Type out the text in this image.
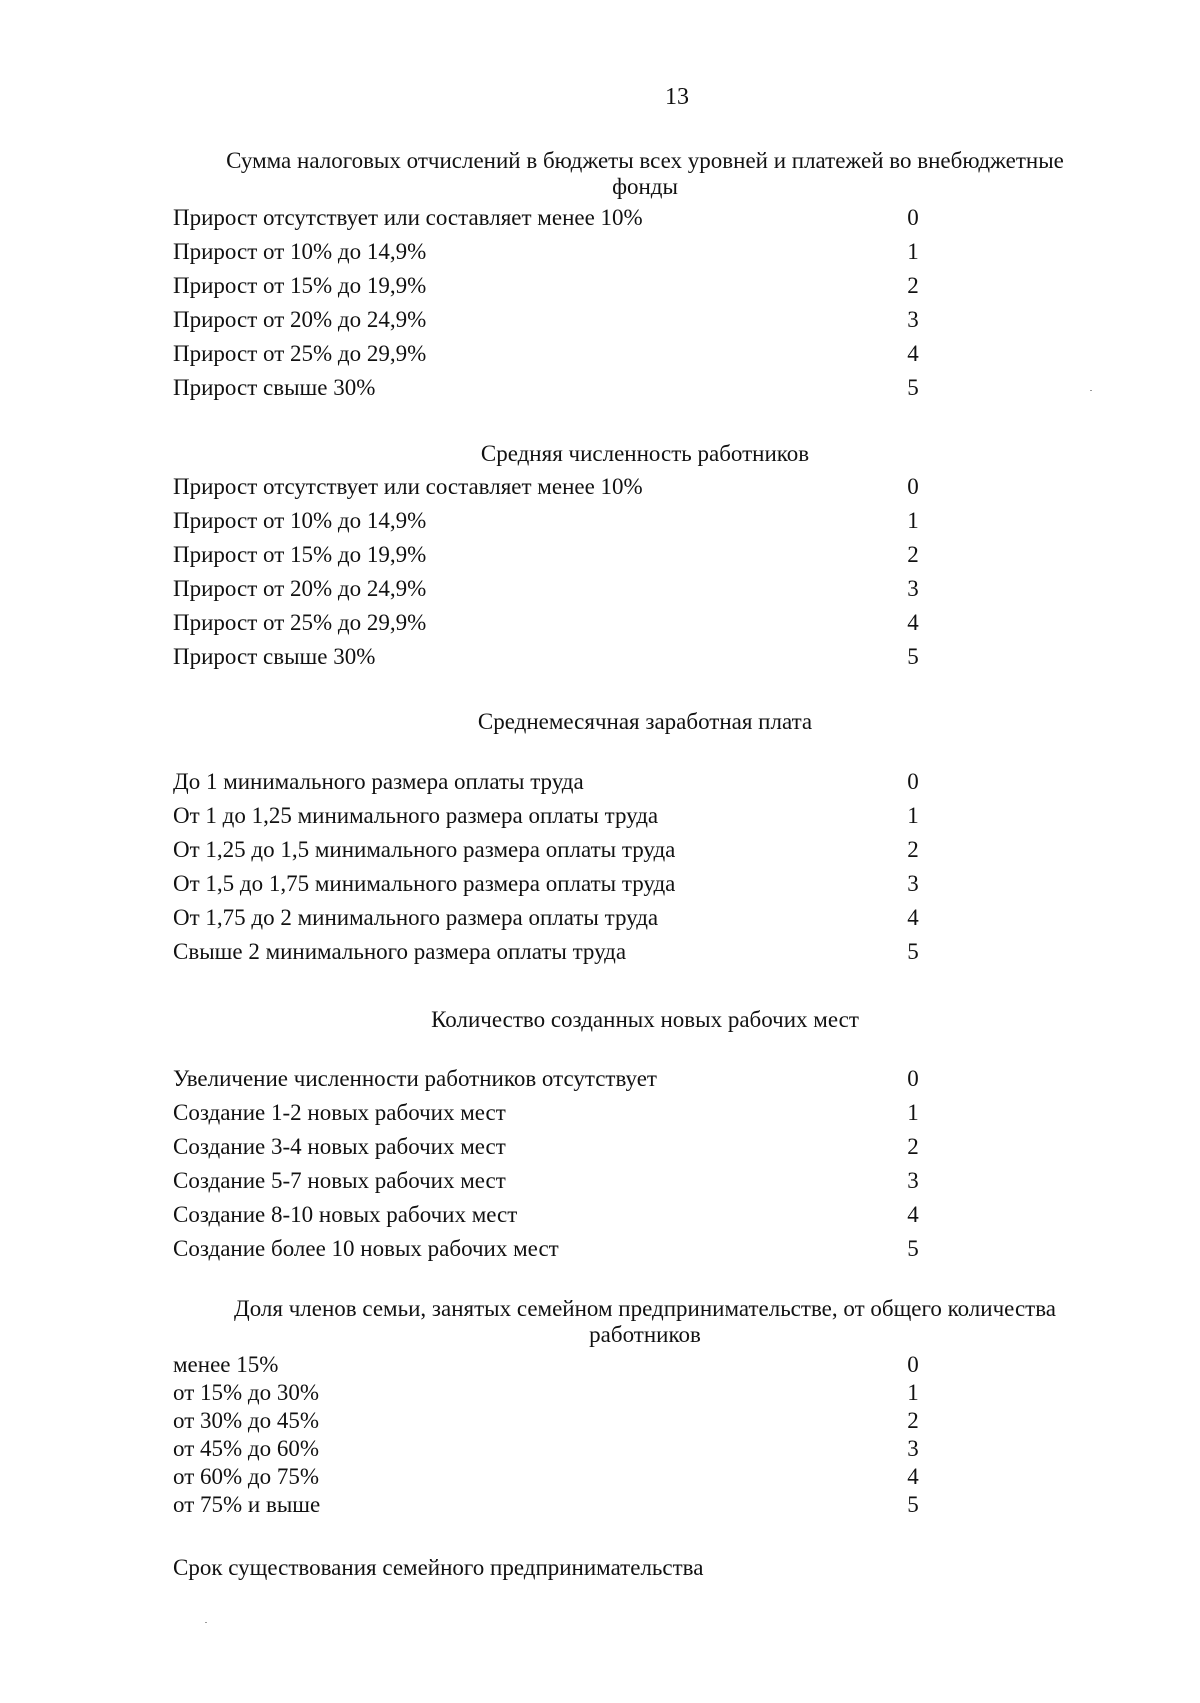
13
Сумма налоговых отчислений в бюджеты всех уровней и платежей во внебюджетные фонды
Прирост отсутствует или составляет менее 10%	0
Прирост от 10% до 14,9%	1
Прирост от 15% до 19,9%	2
Прирост от 20% до 24,9%	3
Прирост от 25% до 29,9%	4
Прирост свыше 30%	5
Средняя численность работников
Прирост отсутствует или составляет менее 10%	0
Прирост от 10% до 14,9%	1
Прирост от 15% до 19,9%	2
Прирост от 20% до 24,9%	3
Прирост от 25% до 29,9%	4
Прирост свыше 30%	5
Среднемесячная заработная плата
До 1 минимального размера оплаты труда	0
От 1 до 1,25 минимального размера оплаты труда	1
От 1,25 до 1,5 минимального размера оплаты труда	2
От 1,5 до 1,75 минимального размера оплаты труда	3
От 1,75 до 2 минимального размера оплаты труда	4
Свыше 2 минимального размера оплаты труда	5
Количество созданных новых рабочих мест
Увеличение численности работников отсутствует	0
Создание 1-2 новых рабочих мест	1
Создание 3-4 новых рабочих мест	2
Создание 5-7 новых рабочих мест	3
Создание 8-10 новых рабочих мест	4
Создание более 10 новых рабочих мест	5
Доля членов семьи, занятых семейном предпринимательстве, от общего количества работников
менее 15%	0
от 15% до 30%	1
от 30% до 45%	2
от 45% до 60%	3
от 60% до 75%	4
от 75% и выше	5
Срок существования семейного предпринимательства
